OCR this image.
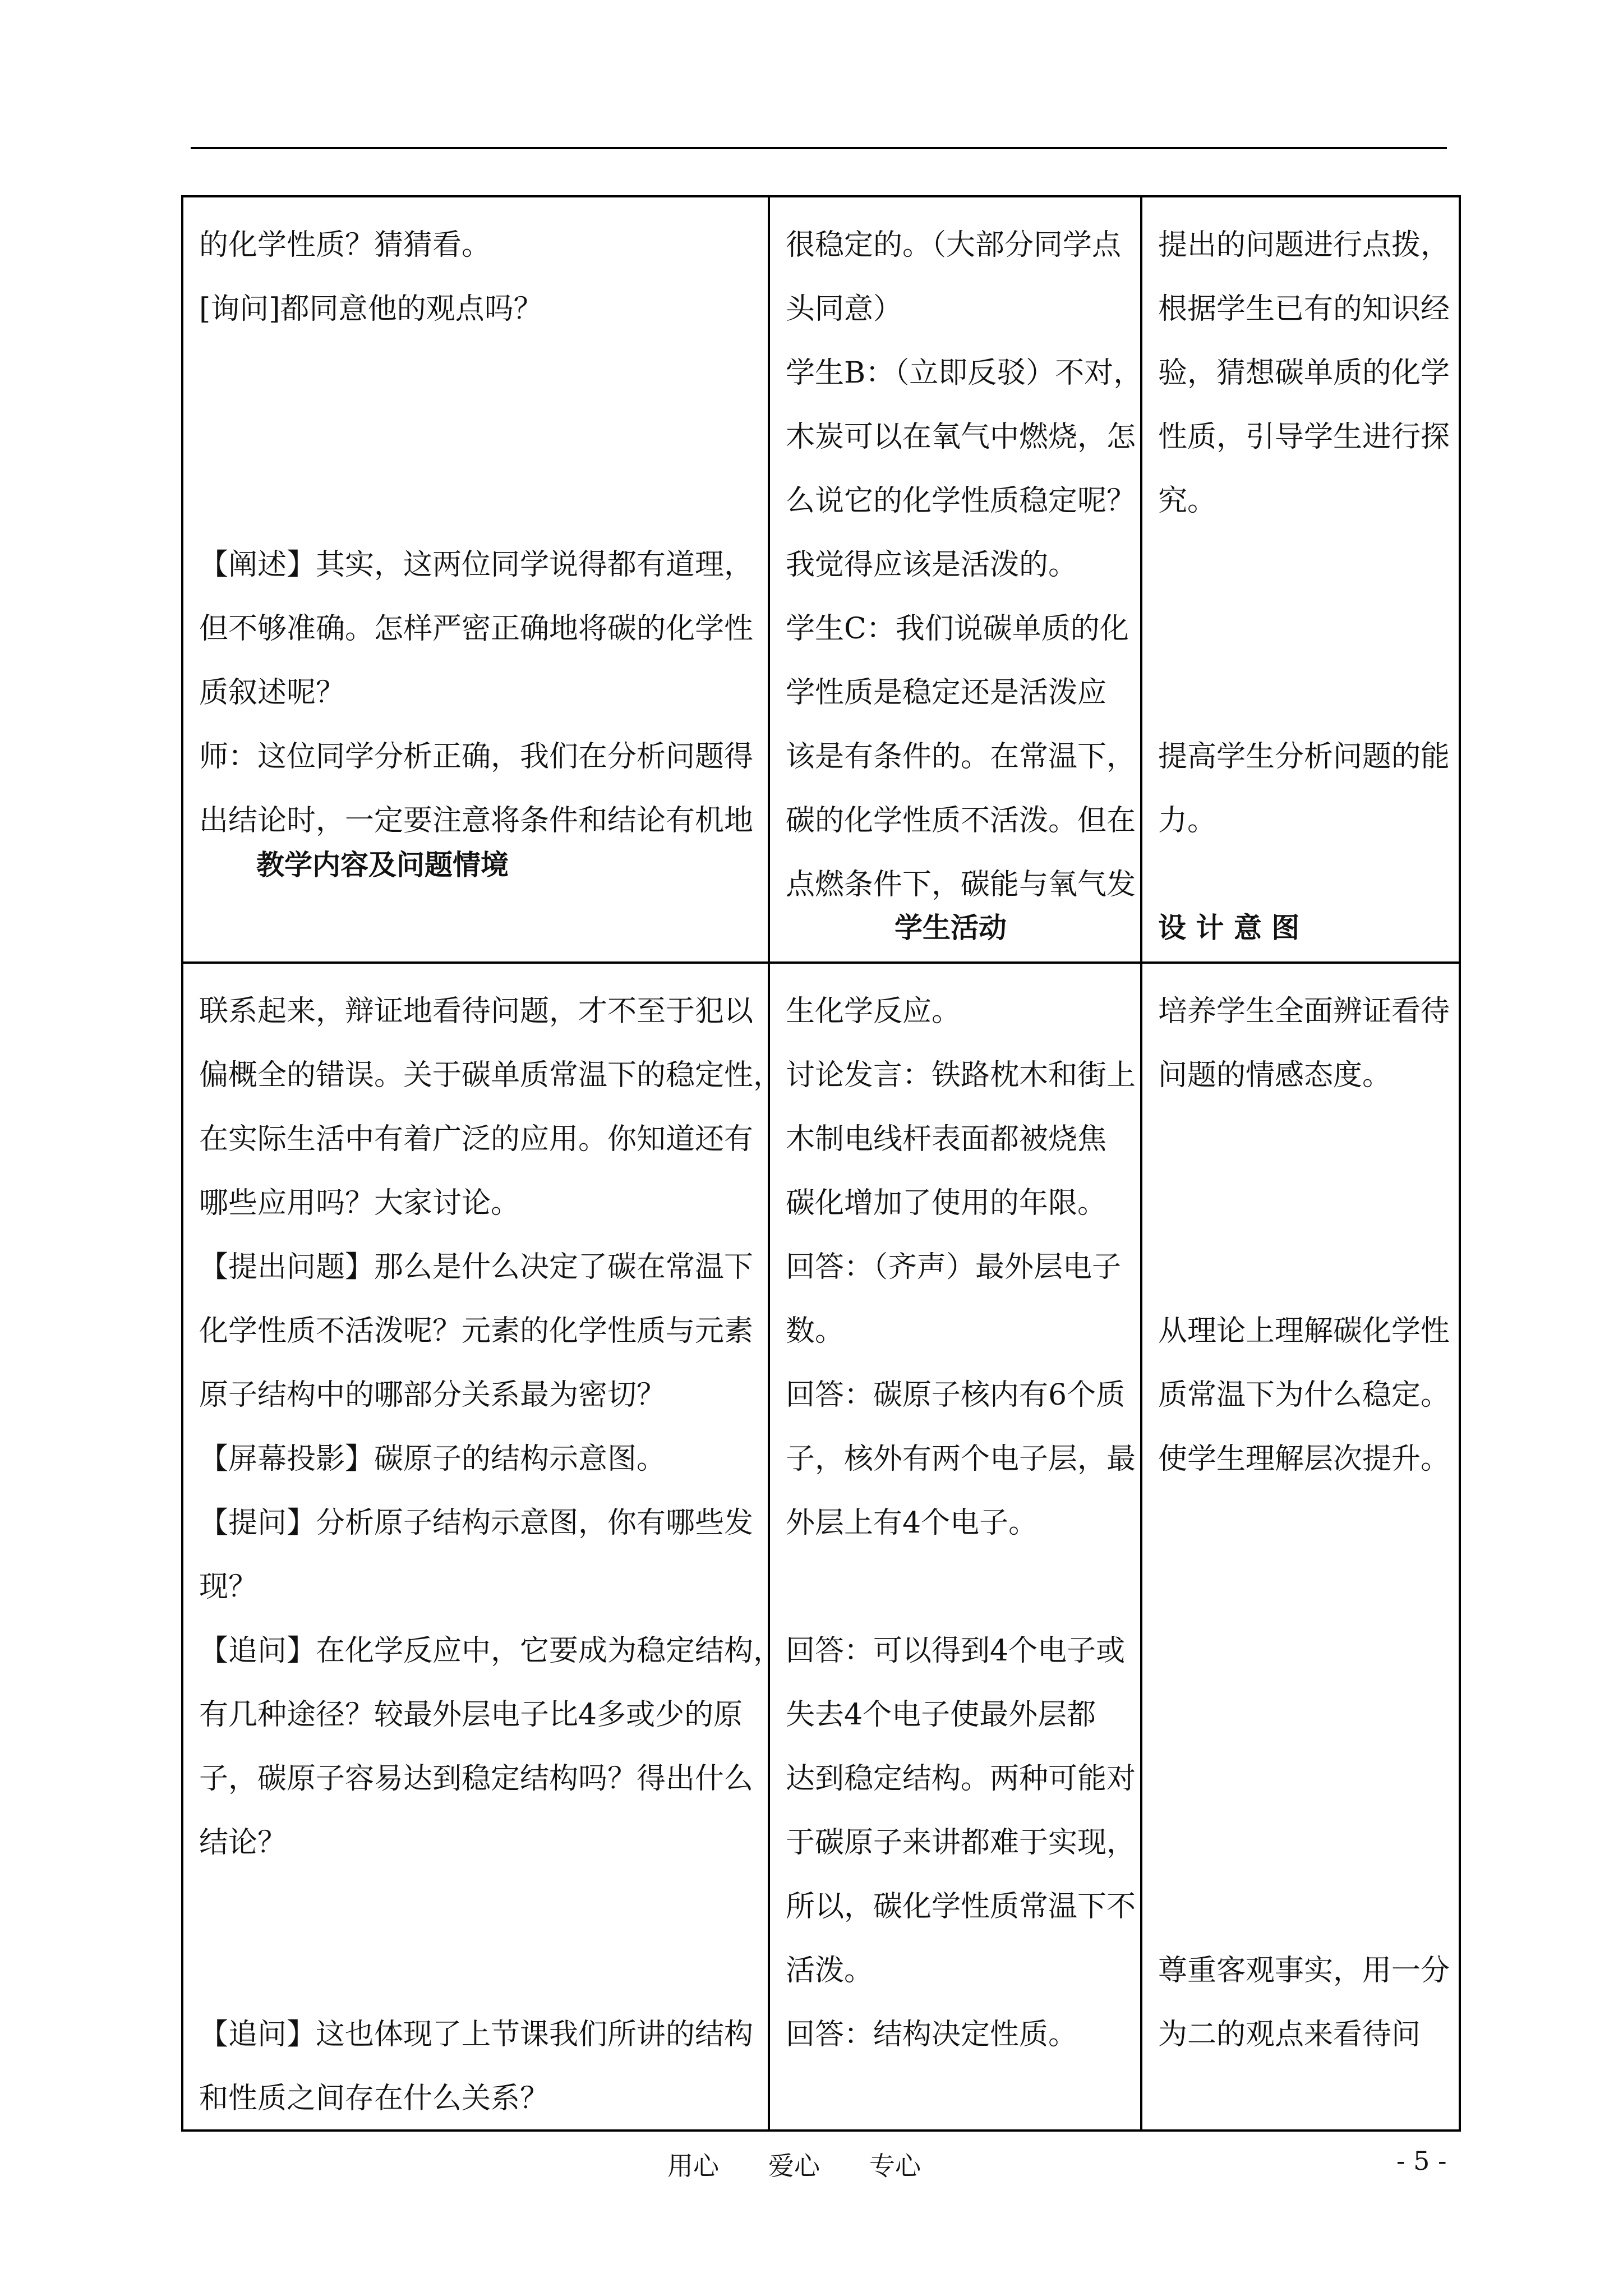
的化学性质？猜猜看。
[询问]都同意他的观点吗？
【阐述】其实，这两位同学说得都有道理，
但不够准确。怎样严密正确地将碳的化学性
质叙述呢？
师：这位同学分析正确，我们在分析问题得
出结论时，一定要注意将条件和结论有机地
教学内容及问题情境
很稳定的。（大部分同学点
头同意）
学生B：（立即反驳）不对，
木炭可以在氧气中燃烧，怎
么说它的化学性质稳定呢？
我觉得应该是活泼的。
学生C：我们说碳单质的化
学性质是稳定还是活泼应
该是有条件的。在常温下，
碳的化学性质不活泼。但在
点燃条件下，碳能与氧气发
学生活动
提出的问题进行点拨，
根据学生已有的知识经
验，猜想碳单质的化学
性质，引导学生进行探
究。
提高学生分析问题的能
力。
设 计 意 图
联系起来，辩证地看待问题，才不至于犯以
偏概全的错误。关于碳单质常温下的稳定性，
在实际生活中有着广泛的应用。你知道还有
哪些应用吗？大家讨论。
【提出问题】那么是什么决定了碳在常温下
化学性质不活泼呢？元素的化学性质与元素
原子结构中的哪部分关系最为密切？
【屏幕投影】碳原子的结构示意图。
【提问】分析原子结构示意图，你有哪些发
现？
【追问】在化学反应中，它要成为稳定结构，
有几种途径？较最外层电子比4多或少的原
子，碳原子容易达到稳定结构吗？得出什么
结论？
【追问】这也体现了上节课我们所讲的结构
和性质之间存在什么关系？
生化学反应。
讨论发言：铁路枕木和街上
木制电线杆表面都被烧焦
碳化增加了使用的年限。
回答：（齐声）最外层电子
数。
回答：碳原子核内有6个质
子，核外有两个电子层，最
外层上有4个电子。
回答：可以得到4个电子或
失去4个电子使最外层都
达到稳定结构。两种可能对
于碳原子来讲都难于实现，
所以，碳化学性质常温下不
活泼。
回答：结构决定性质。
培养学生全面辨证看待
问题的情感态度。
从理论上理解碳化学性
质常温下为什么稳定。
使学生理解层次提升。
尊重客观事实，用一分
为二的观点来看待问
用心 爱心 专心	- 5 -
